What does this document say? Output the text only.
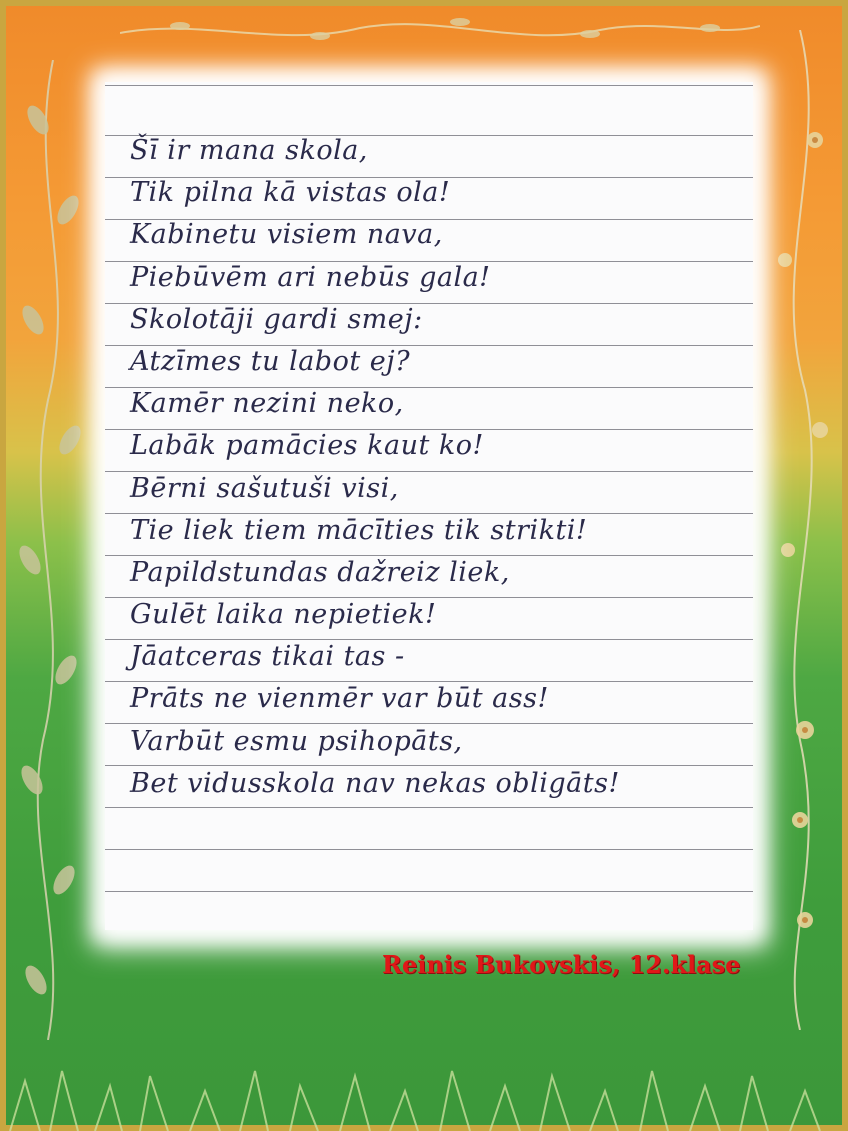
Šī ir mana skola,
Tik pilna kā vistas ola!
Kabinetu visiem nava,
Piebūvēm ari nebūs gala!
Skolotāji gardi smej:
Atzīmes tu labot ej?
Kamēr nezini neko,
Labāk pamācies kaut ko!
Bērni sašutuši visi,
Tie liek tiem mācīties tik strikti!
Papildstundas dažreiz liek,
Gulēt laika nepietiek!
Jāatceras tikai tas -
Prāts ne vienmēr var būt ass!
Varbūt esmu psihopāts,
Bet vidusskola nav nekas obligāts!
Reinis Bukovskis, 12.klase
